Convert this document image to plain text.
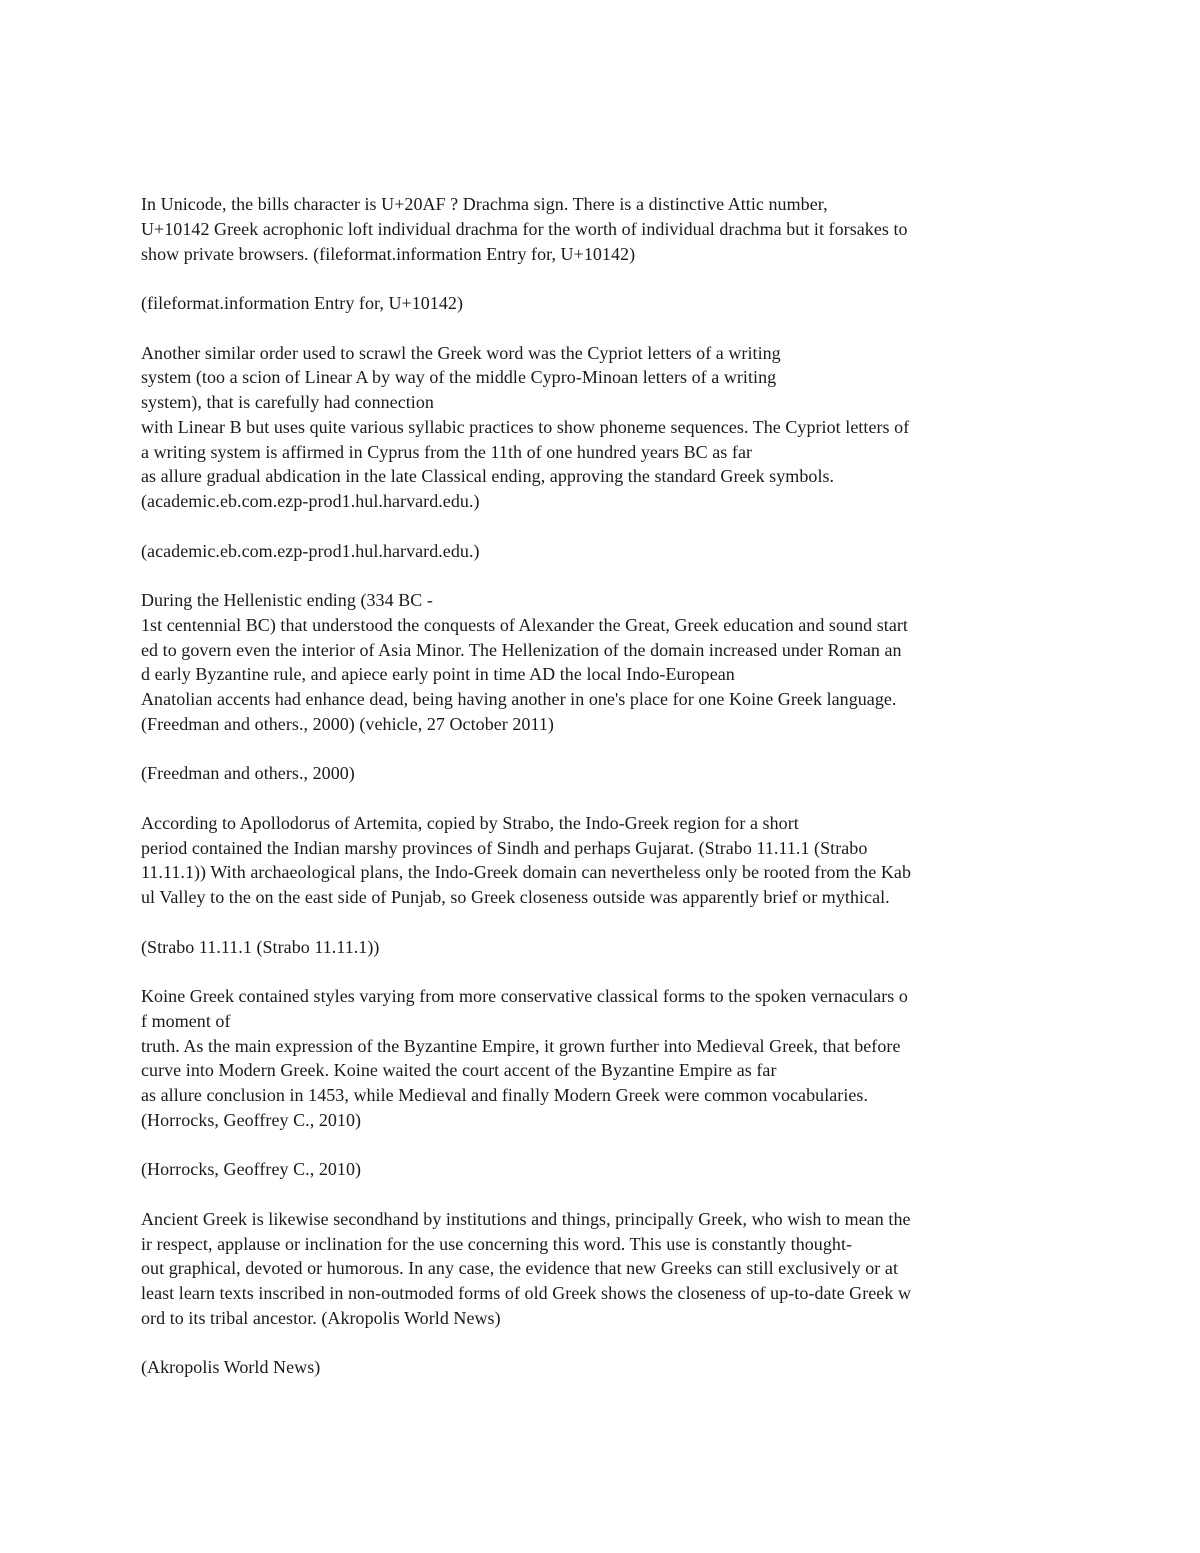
In Unicode, the bills character is U+20AF ? Drachma sign. There is a distinctive Attic number,
U+10142 Greek acrophonic loft individual drachma for the worth of individual drachma but it forsakes to
show private browsers. (fileformat.information Entry for, U+10142)
(fileformat.information Entry for, U+10142)
Another similar order used to scrawl the Greek word was the Cypriot letters of a writing
system (too a scion of Linear A by way of the middle Cypro-Minoan letters of a writing
system), that is carefully had connection
with Linear B but uses quite various syllabic practices to show phoneme sequences. The Cypriot letters of
a writing system is affirmed in Cyprus from the 11th of one hundred years BC as far
as allure gradual abdication in the late Classical ending, approving the standard Greek symbols.
(academic.eb.com.ezp-prod1.hul.harvard.edu.)
(academic.eb.com.ezp-prod1.hul.harvard.edu.)
During the Hellenistic ending (334 BC -
1st centennial BC) that understood the conquests of Alexander the Great, Greek education and sound start
ed to govern even the interior of Asia Minor. The Hellenization of the domain increased under Roman an
d early Byzantine rule, and apiece early point in time AD the local Indo-European
Anatolian accents had enhance dead, being having another in one's place for one Koine Greek language.
(Freedman and others., 2000) (vehicle, 27 October 2011)
(Freedman and others., 2000)
According to Apollodorus of Artemita, copied by Strabo, the Indo-Greek region for a short
period contained the Indian marshy provinces of Sindh and perhaps Gujarat. (Strabo 11.11.1 (Strabo
11.11.1)) With archaeological plans, the Indo-Greek domain can nevertheless only be rooted from the Kab
ul Valley to the on the east side of Punjab, so Greek closeness outside was apparently brief or mythical.
(Strabo 11.11.1 (Strabo 11.11.1))
Koine Greek contained styles varying from more conservative classical forms to the spoken vernaculars o
f moment of
truth. As the main expression of the Byzantine Empire, it grown further into Medieval Greek, that before
curve into Modern Greek. Koine waited the court accent of the Byzantine Empire as far
as allure conclusion in 1453, while Medieval and finally Modern Greek were common vocabularies.
(Horrocks, Geoffrey C., 2010)
(Horrocks, Geoffrey C., 2010)
Ancient Greek is likewise secondhand by institutions and things, principally Greek, who wish to mean the
ir respect, applause or inclination for the use concerning this word. This use is constantly thought-
out graphical, devoted or humorous. In any case, the evidence that new Greeks can still exclusively or at
least learn texts inscribed in non-outmoded forms of old Greek shows the closeness of up-to-date Greek w
ord to its tribal ancestor. (Akropolis World News)
(Akropolis World News)
